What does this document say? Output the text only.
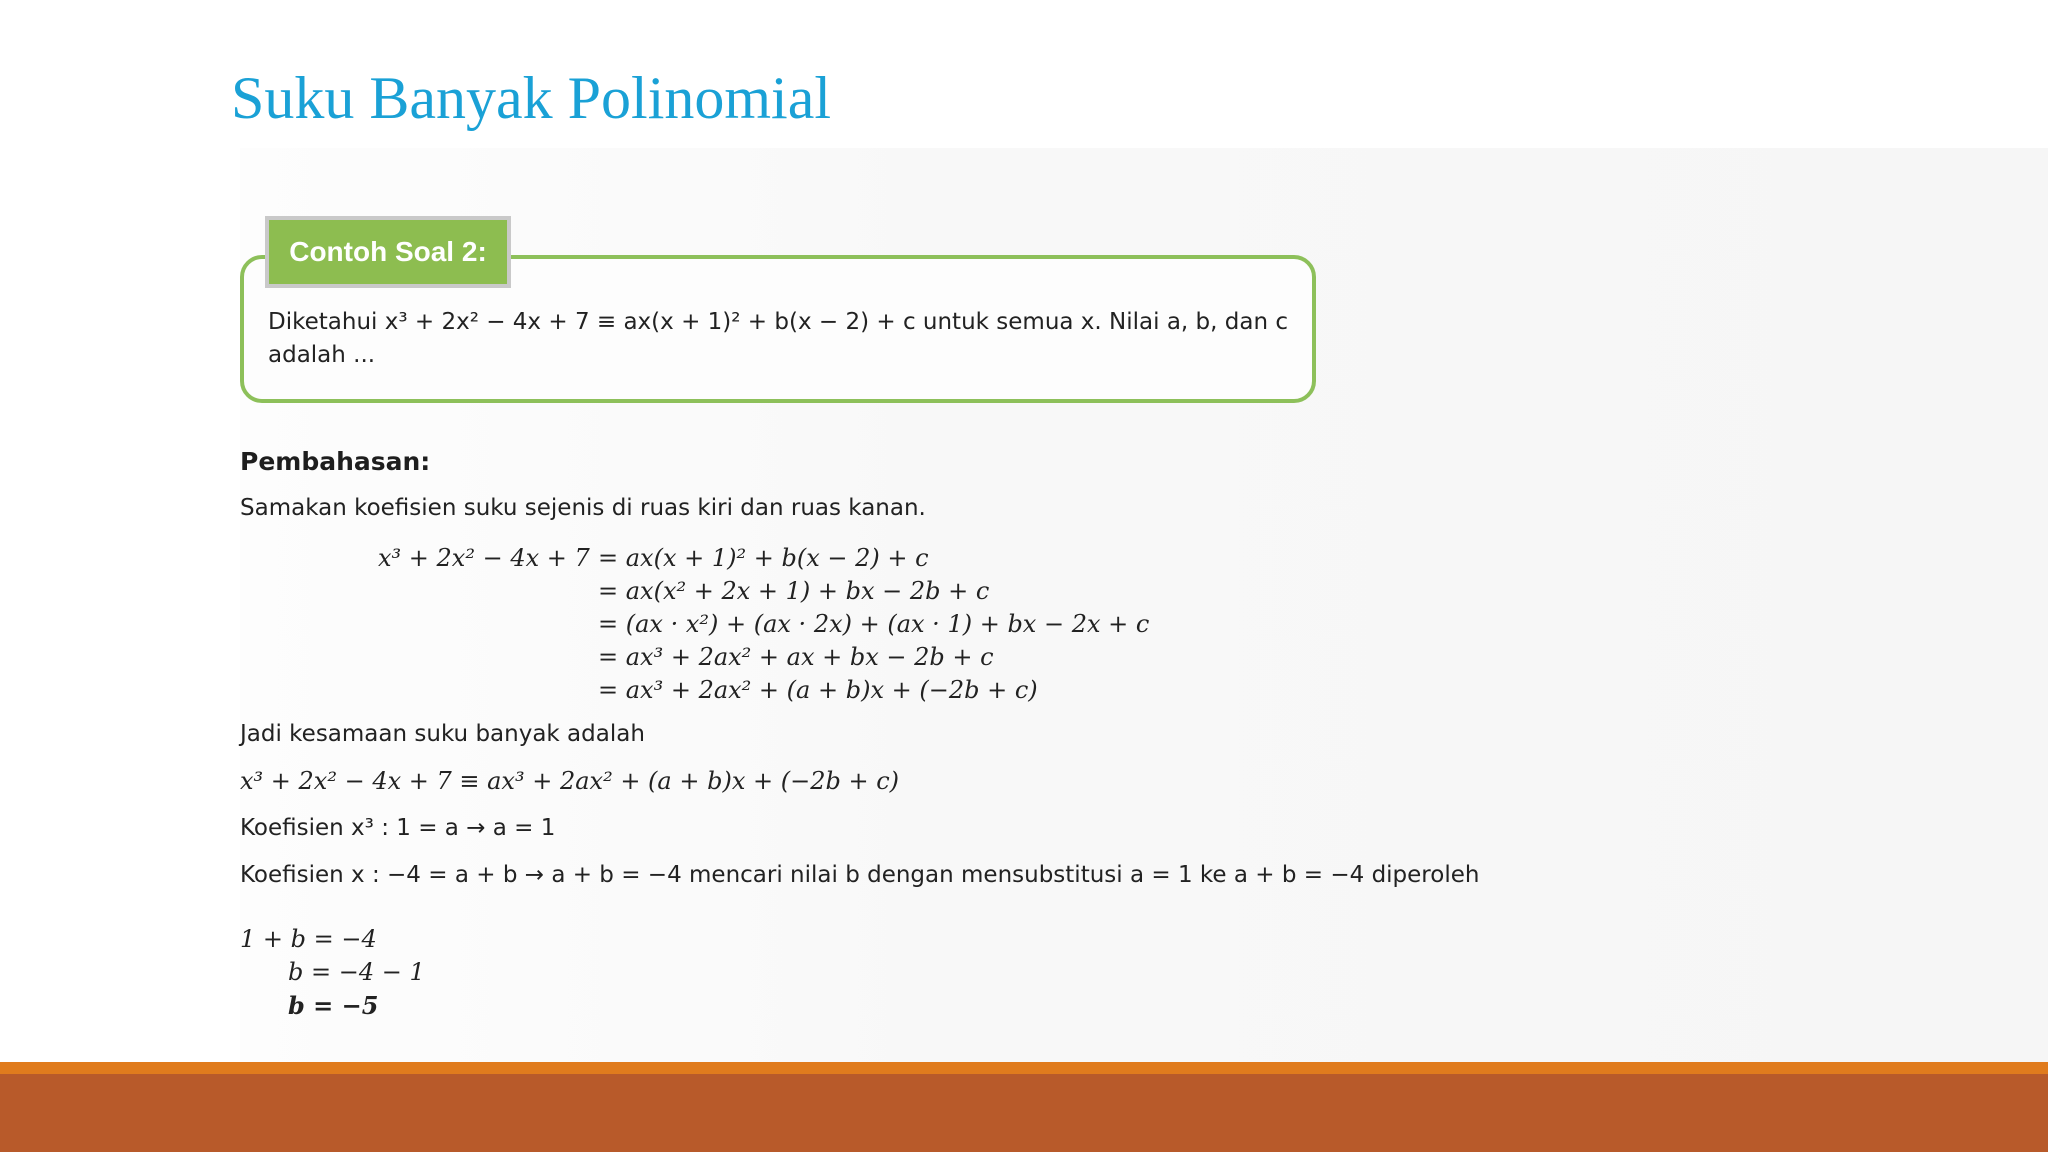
Suku Banyak Polinomial
Contoh Soal 2:
Diketahui x³ + 2x² − 4x + 7 ≡ ax(x + 1)² + b(x − 2) + c untuk semua x. Nilai a, b, dan c adalah ...
Pembahasan:
Samakan koefisien suku sejenis di ruas kiri dan ruas kanan.
x³ + 2x² − 4x + 7 = ax(x + 1)² + b(x − 2) + c
= ax(x² + 2x + 1) + bx − 2b + c
= (ax · x²) + (ax · 2x) + (ax · 1) + bx − 2x + c
= ax³ + 2ax² + ax + bx − 2b + c
= ax³ + 2ax² + (a + b)x + (−2b + c)
Jadi kesamaan suku banyak adalah
x³ + 2x² − 4x + 7 ≡ ax³ + 2ax² + (a + b)x + (−2b + c)
Koefisien x³ : 1 = a → a = 1
Koefisien x : −4 = a + b → a + b = −4 mencari nilai b dengan mensubstitusi a = 1 ke a + b = −4 diperoleh
1 + b = −4
b = −4 − 1
b = −5
